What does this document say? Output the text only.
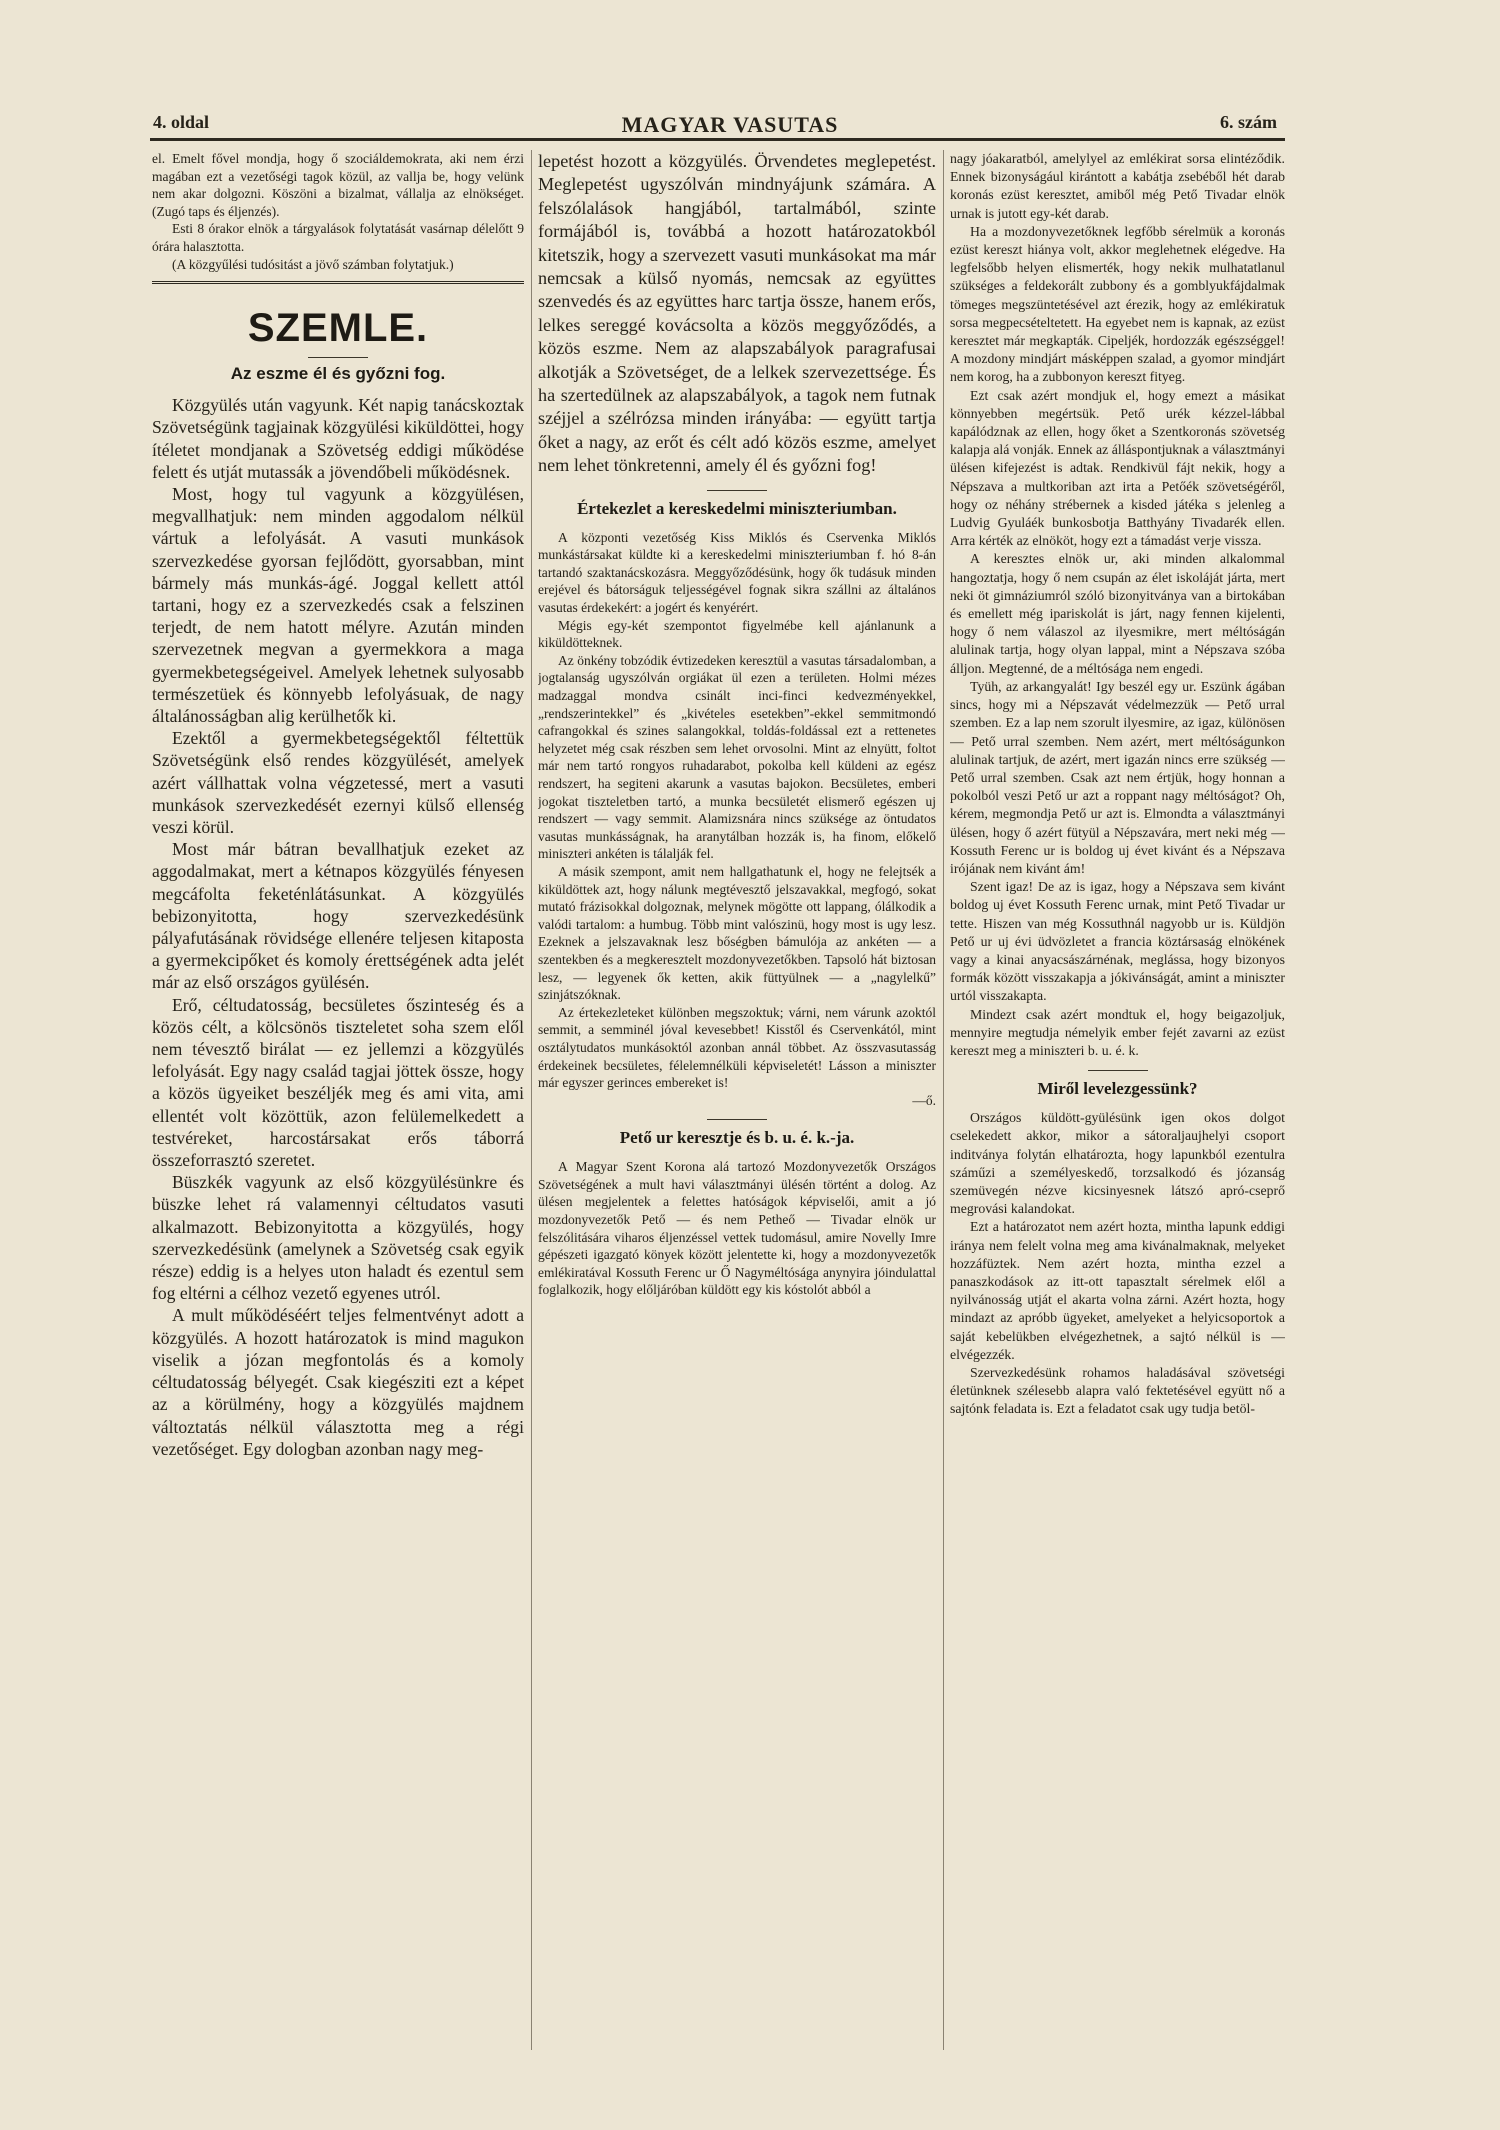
4. oldal	MAGYAR VASUTAS	6. szám

el. Emelt fővel mondja, hogy ő szociáldemokrata, aki nem érzi magában ezt a vezetőségi tagok közül, az vallja be, hogy velünk nem akar dolgozni. Köszöni a bizalmat, vállalja az elnökséget. (Zugó taps és éljenzés).

Esti 8 órakor elnök a tárgyalások folytatását vasárnap délelőtt 9 órára halasztotta.

(A közgyűlési tudósitást a jövő számban folytatjuk.)

SZEMLE.
Az eszme él és győzni fog.

Közgyülés után vagyunk. Két napig tanácskoztak Szövetségünk tagjainak közgyülési kiküldöttei, hogy ítéletet mondjanak a Szövetség eddigi működése felett és utját mutassák a jövendőbeli működésnek.

Most, hogy tul vagyunk a közgyülésen, megvallhatjuk: nem minden aggodalom nélkül vártuk a lefolyását. A vasuti munkások szervezkedése gyorsan fejlődött, gyorsabban, mint bármely más munkás-ágé. Joggal kellett attól tartani, hogy ez a szervezkedés csak a felszinen terjedt, de nem hatott mélyre. Azután minden szervezetnek megvan a gyermekkora a maga gyermekbetegségeivel. Amelyek lehetnek sulyosabb természetüek és könnyebb lefolyásuak, de nagy általánosságban alig kerülhetők ki.

Ezektől a gyermekbetegségektől féltettük Szövetségünk első rendes közgyülését, amelyek azért vállhattak volna végzetessé, mert a vasuti munkások szervezkedését ezernyi külső ellenség veszi körül.

Most már bátran bevallhatjuk ezeket az aggodalmakat, mert a kétnapos közgyülés fényesen megcáfolta feketénlátásunkat. A közgyülés bebizonyitotta, hogy szervezkedésünk pályafutásának rövidsége ellenére teljesen kitaposta a gyermekcipőket és komoly érettségének adta jelét már az első országos gyülésén.

Erő, céltudatosság, becsületes őszinteség és a közös célt, a kölcsönös tiszteletet soha szem elől nem tévesztő birálat — ez jellemzi a közgyülés lefolyását. Egy nagy család tagjai jöttek össze, hogy a közös ügyeiket beszéljék meg és ami vita, ami ellentét volt közöttük, azon felülemelkedett a testvéreket, harcostársakat erős táborrá összeforrasztó szeretet.

Büszkék vagyunk az első közgyülésünkre és büszke lehet rá valamennyi céltudatos vasuti alkalmazott. Bebizonyitotta a közgyülés, hogy szervezkedésünk (amelynek a Szövetség csak egyik része) eddig is a helyes uton haladt és ezentul sem fog eltérni a célhoz vezető egyenes utról.

A mult működéséért teljes felmentvényt adott a közgyülés. A hozott határozatok is mind magukon viselik a józan megfontolás és a komoly céltudatosság bélyegét. Csak kiegésziti ezt a képet az a körülmény, hogy a közgyülés majdnem változtatás nélkül választotta meg a régi vezetőséget. Egy dologban azonban nagy meg-

lepetést hozott a közgyülés. Örvendetes meglepetést. Meglepetést ugyszólván mindnyájunk számára. A felszólalások hangjából, tartalmából, szinte formájából is, továbbá a hozott határozatokból kitetszik, hogy a szervezett vasuti munkásokat ma már nemcsak a külső nyomás, nemcsak az együttes szenvedés és az együttes harc tartja össze, hanem erős, lelkes sereggé kovácsolta a közös meggyőződés, a közös eszme. Nem az alapszabályok paragrafusai alkotják a Szövetséget, de a lelkek szervezettsége. És ha szertedülnek az alapszabályok, a tagok nem futnak széjjel a szélrózsa minden irányába: — együtt tartja őket a nagy, az erőt és célt adó közös eszme, amelyet nem lehet tönkretenni, amely él és győzni fog!

Értekezlet a kereskedelmi miniszteriumban.

A központi vezetőség Kiss Miklós és Cservenka Miklós munkástársakat küldte ki a kereskedelmi miniszteriumban f. hó 8-án tartandó szaktanácskozásra. Meggyőződésünk, hogy ők tudásuk minden erejével és bátorságuk teljességével fognak sikra szállni az általános vasutas érdekekért: a jogért és kenyérért.

Mégis egy-két szempontot figyelmébe kell ajánlanunk a kiküldötteknek.

Az önkény tobzódik évtizedeken keresztül a vasutas társadalomban, a jogtalanság ugyszólván orgiákat ül ezen a területen. Holmi mézes madzaggal mondva csinált inci-finci kedvezményekkel, „rendszerintekkel” és „kivételes esetekben”-ekkel semmitmondó cafrangokkal és szines salangokkal, toldás-foldással ezt a rettenetes helyzetet még csak részben sem lehet orvosolni. Mint az elnyütt, foltot már nem tartó rongyos ruhadarabot, pokolba kell küldeni az egész rendszert, ha segiteni akarunk a vasutas bajokon. Becsületes, emberi jogokat tiszteletben tartó, a munka becsületét elismerő egészen uj rendszert — vagy semmit. Alamizsnára nincs szüksége az öntudatos vasutas munkásságnak, ha aranytálban hozzák is, ha finom, előkelő miniszteri ankéten is tálalják fel.

A másik szempont, amit nem hallgathatunk el, hogy ne felejtsék a kiküldöttek azt, hogy nálunk megtévesztő jelszavakkal, megfogó, sokat mutató frázisokkal dolgoznak, melynek mögötte ott lappang, ólálkodik a valódi tartalom: a humbug. Több mint valószinü, hogy most is ugy lesz. Ezeknek a jelszavaknak lesz bőségben bámulója az ankéten — a szentekben és a megkeresztelt mozdonyvezetőkben. Tapsoló hát biztosan lesz, — legyenek ők ketten, akik füttyülnek — a „nagylelkű” szinjátszóknak.

Az értekezleteket különben megszoktuk; várni, nem várunk azoktól semmit, a semminél jóval kevesebbet! Kisstől és Cservenkától, mint osztálytudatos munkásoktól azonban annál többet. Az összvasutasság érdekeinek becsületes, félelemnélküli képviseletét! Lásson a miniszter már egyszer gerinces embereket is!

—ő.

Pető ur keresztje és b. u. é. k.-ja.

A Magyar Szent Korona alá tartozó Mozdonyvezetők Országos Szövetségének a mult havi választmányi ülésén történt a dolog. Az ülésen megjelentek a felettes hatóságok képviselői, amit a jó mozdonyvezetők Pető — és nem Petheő — Tivadar elnök ur felszólitására viharos éljenzéssel vettek tudomásul, amire Novelly Imre gépészeti igazgató könyek között jelentette ki, hogy a mozdonyvezetők emlékiratával Kossuth Ferenc ur Ő Nagyméltósága anynyira jóindulattal foglalkozik, hogy előljáróban küldött egy kis kóstolót abból a

nagy jóakaratból, amelylyel az emlékirat sorsa elintéződik. Ennek bizonyságául kirántott a kabátja zsebéből hét darab koronás ezüst keresztet, amiből még Pető Tivadar elnök urnak is jutott egy-két darab.

Ha a mozdonyvezetőknek legfőbb sérelmük a koronás ezüst kereszt hiánya volt, akkor meglehetnek elégedve. Ha legfelsőbb helyen elismerték, hogy nekik mulhatatlanul szükséges a feldekorált zubbony és a gomblyukfájdalmak tömeges megszüntetésével azt érezik, hogy az emlékiratuk sorsa megpecsételtetett. Ha egyebet nem is kapnak, az ezüst keresztet már megkapták. Cipeljék, hordozzák egészséggel! A mozdony mindjárt másképpen szalad, a gyomor mindjárt nem korog, ha a zubbonyon kereszt fityeg.

Ezt csak azért mondjuk el, hogy emezt a másikat könnyebben megértsük. Pető urék kézzel-lábbal kapálódznak az ellen, hogy őket a Szentkoronás szövetség kalapja alá vonják. Ennek az álláspontjuknak a választmányi ülésen kifejezést is adtak. Rendkivül fájt nekik, hogy a Népszava a multkoriban azt irta a Petőék szövetségéről, hogy oz néhány strébernek a kisded játéka s jelenleg a Ludvig Gyuláék bunkosbotja Batthyány Tivadarék ellen. Arra kérték az elnököt, hogy ezt a támadást verje vissza.

A keresztes elnök ur, aki minden alkalommal hangoztatja, hogy ő nem csupán az élet iskoláját járta, mert neki öt gimnáziumról szóló bizonyitványa van a birtokában és emellett még ipariskolát is járt, nagy fennen kijelenti, hogy ő nem válaszol az ilyesmikre, mert méltóságán alulinak tartja, hogy olyan lappal, mint a Népszava szóba álljon. Megtenné, de a méltósága nem engedi.

Tyüh, az arkangyalát! Igy beszél egy ur. Eszünk ágában sincs, hogy mi a Népszavát védelmezzük — Pető urral szemben. Ez a lap nem szorult ilyesmire, az igaz, különösen — Pető urral szemben. Nem azért, mert méltóságunkon alulinak tartjuk, de azért, mert igazán nincs erre szükség — Pető urral szemben. Csak azt nem értjük, hogy honnan a pokolból veszi Pető ur azt a roppant nagy méltóságot? Oh, kérem, megmondja Pető ur azt is. Elmondta a választmányi ülésen, hogy ő azért fütyül a Népszavára, mert neki még — Kossuth Ferenc ur is boldog uj évet kivánt és a Népszava irójának nem kivánt ám!

Szent igaz! De az is igaz, hogy a Népszava sem kivánt boldog uj évet Kossuth Ferenc urnak, mint Pető Tivadar ur tette. Hiszen van még Kossuthnál nagyobb ur is. Küldjön Pető ur uj évi üdvözletet a francia köztársaság elnökének vagy a kinai anyacsászárnénak, meglássa, hogy bizonyos formák között visszakapja a jókivánságát, amint a miniszter urtól visszakapta.

Mindezt csak azért mondtuk el, hogy beigazoljuk, mennyire megtudja némelyik ember fejét zavarni az ezüst kereszt meg a miniszteri b. u. é. k.

Miről levelezgessünk?

Országos küldött-gyülésünk igen okos dolgot cselekedett akkor, mikor a sátoraljaujhelyi csoport inditványa folytán elhatározta, hogy lapunkból ezentulra száműzi a személyeskedő, torzsalkodó és józanság szemüvegén nézve kicsinyesnek látszó apró-cseprő megrovási kalandokat.

Ezt a határozatot nem azért hozta, mintha lapunk eddigi iránya nem felelt volna meg ama kivánalmaknak, melyeket hozzáfüztek. Nem azért hozta, mintha ezzel a panaszkodások az itt-ott tapasztalt sérelmek elől a nyilvánosság utját el akarta volna zárni. Azért hozta, hogy mindazt az apróbb ügyeket, amelyeket a helyicsoportok a saját kebelükben elvégezhetnek, a sajtó nélkül is — elvégezzék.

Szervezkedésünk rohamos haladásával szövetségi életünknek szélesebb alapra való fektetésével együtt nő a sajtónk feladata is. Ezt a feladatot csak ugy tudja betöl-
